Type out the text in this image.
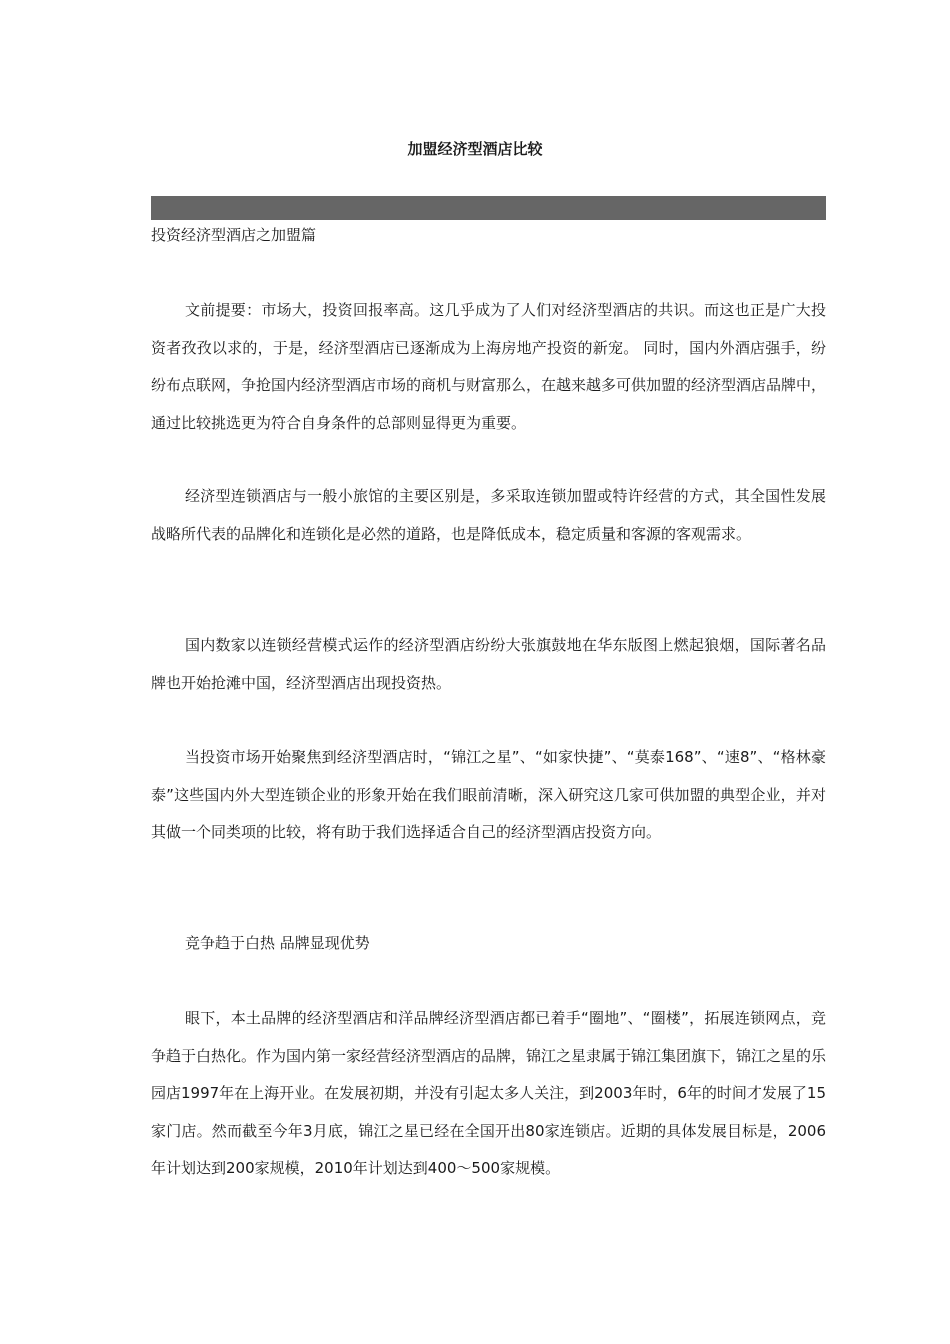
加盟经济型酒店比较
投资经济型酒店之加盟篇

文前提要：市场大，投资回报率高。这几乎成为了人们对经济型酒店的共识。而这也正是广大投资者孜孜以求的，于是，经济型酒店已逐渐成为上海房地产投资的新宠。 同时，国内外酒店强手，纷纷布点联网，争抢国内经济型酒店市场的商机与财富那么，在越来越多可供加盟的经济型酒店品牌中，通过比较挑选更为符合自身条件的总部则显得更为重要。

经济型连锁酒店与一般小旅馆的主要区别是，多采取连锁加盟或特许经营的方式，其全国性发展战略所代表的品牌化和连锁化是必然的道路，也是降低成本，稳定质量和客源的客观需求。

国内数家以连锁经营模式运作的经济型酒店纷纷大张旗鼓地在华东版图上燃起狼烟，国际著名品牌也开始抢滩中国，经济型酒店出现投资热。

当投资市场开始聚焦到经济型酒店时，“锦江之星”、“如家快捷”、“莫泰168”、“速8”、“格林豪泰”这些国内外大型连锁企业的形象开始在我们眼前清晰，深入研究这几家可供加盟的典型企业，并对其做一个同类项的比较，将有助于我们选择适合自己的经济型酒店投资方向。

竞争趋于白热 品牌显现优势

眼下，本土品牌的经济型酒店和洋品牌经济型酒店都已着手“圈地”、“圈楼”，拓展连锁网点，竞争趋于白热化。作为国内第一家经营经济型酒店的品牌，锦江之星隶属于锦江集团旗下，锦江之星的乐园店1997年在上海开业。在发展初期，并没有引起太多人关注，到2003年时，6年的时间才发展了15家门店。然而截至今年3月底，锦江之星已经在全国开出80家连锁店。近期的具体发展目标是，2006年计划达到200家规模，2010年计划达到400～500家规模。
